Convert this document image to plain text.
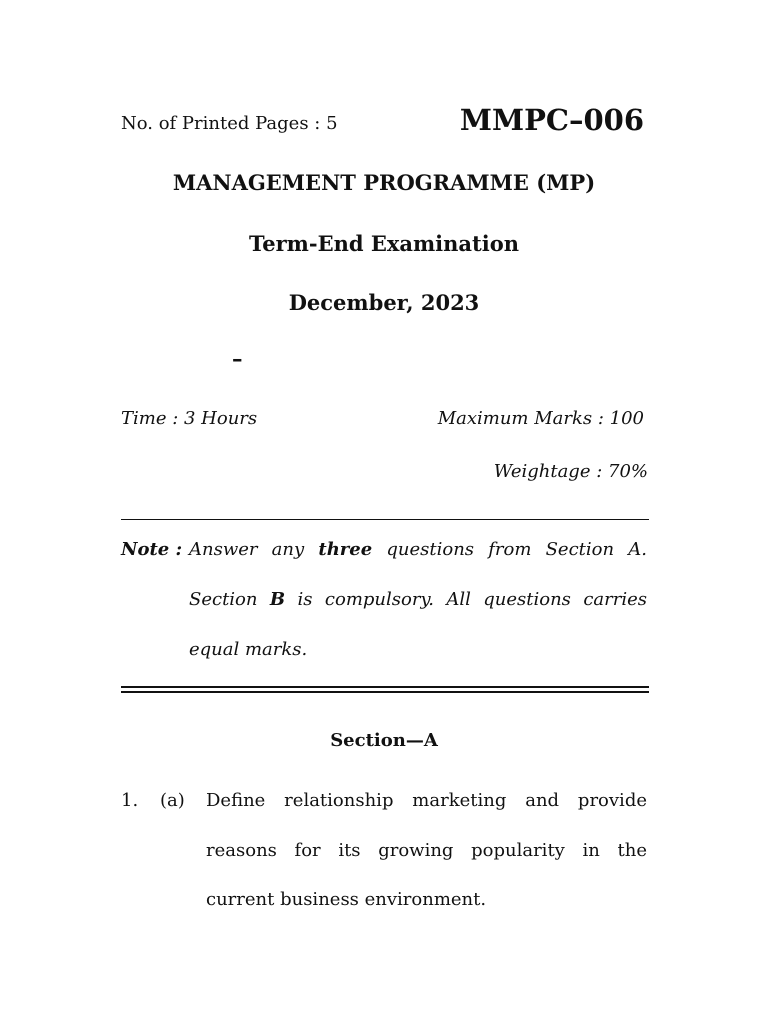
No. of Printed Pages : 5	MMPC–006
MANAGEMENT PROGRAMME (MP)
Term-End Examination
December, 2023
–
Time : 3 Hours	Maximum Marks : 100
Weightage : 70%
Note : Answer any three questions from Section A.
Section B is compulsory. All questions carries
equal marks.
Section—A
1. (a) Define relationship marketing and provide
reasons for its growing popularity in the
current business environment.
